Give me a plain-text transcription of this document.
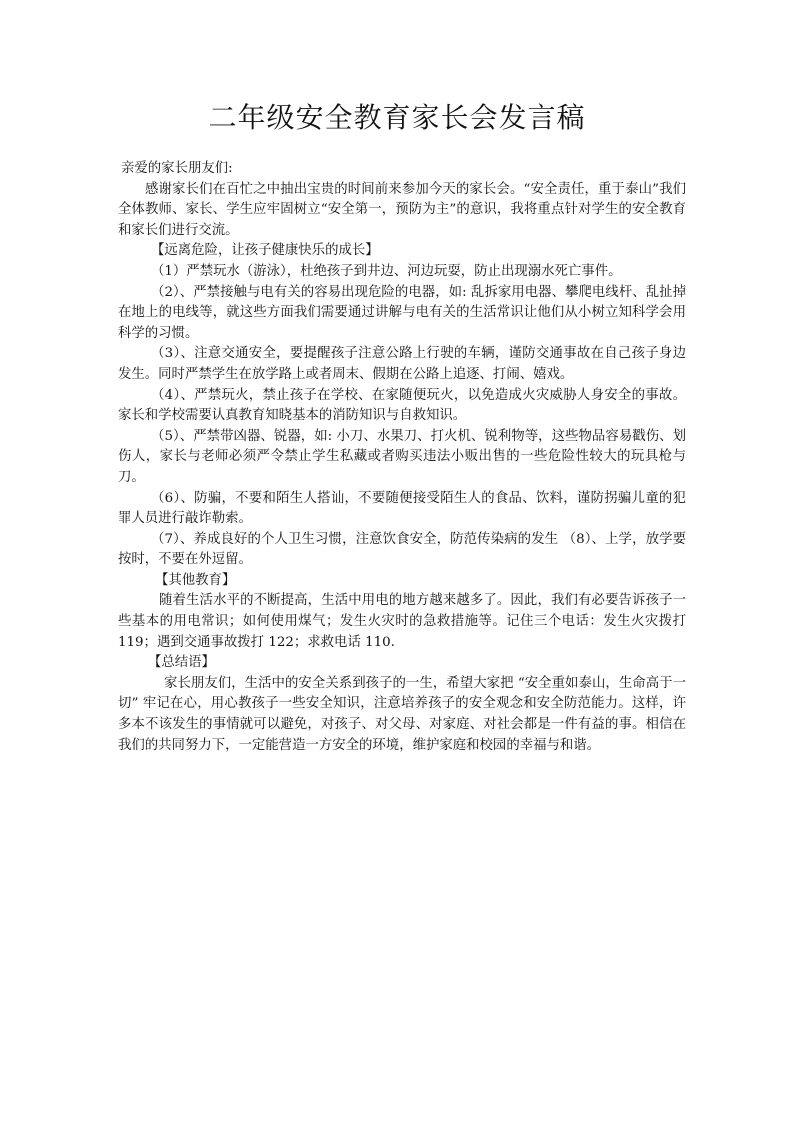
二年级安全教育家长会发言稿

亲爱的家长朋友们:

感谢家长们在百忙之中抽出宝贵的时间前来参加今天的家长会。“安全责任，重于泰山”我们全体教师、家长、学生应牢固树立“安全第一，预防为主”的意识，我将重点针对学生的安全教育和家长们进行交流。

【远离危险，让孩子健康快乐的成长】

（1）严禁玩水（游泳），杜绝孩子到井边、河边玩耍，防止出现溺水死亡事件。

（2）、严禁接触与电有关的容易出现危险的电器，如: 乱拆家用电器、攀爬电线杆、乱扯掉在地上的电线等，就这些方面我们需要通过讲解与电有关的生活常识让他们从小树立知科学会用科学的习惯。

（3）、注意交通安全，要提醒孩子注意公路上行驶的车辆，谨防交通事故在自己孩子身边发生。同时严禁学生在放学路上或者周末、假期在公路上追逐、打闹、嬉戏。

（4）、严禁玩火，禁止孩子在学校、在家随便玩火，以免造成火灾威胁人身安全的事故。家长和学校需要认真教育知晓基本的消防知识与自救知识。

（5）、严禁带凶器、锐器，如: 小刀、水果刀、打火机、锐利物等，这些物品容易戳伤、划伤人，家长与老师必须严令禁止学生私藏或者购买违法小贩出售的一些危险性较大的玩具枪与刀。

（6）、防骗，不要和陌生人搭讪，不要随便接受陌生人的食品、饮料，谨防拐骗儿童的犯罪人员进行敲诈勒索。

（7）、养成良好的个人卫生习惯，注意饮食安全，防范传染病的发生 （8）、上学，放学要按时，不要在外逗留。

【其他教育】

随着生活水平的不断提高，生活中用电的地方越来越多了。因此，我们有必要告诉孩子一些基本的用电常识；如何使用煤气；发生火灾时的急救措施等。记住三个电话：发生火灾拨打 119；遇到交通事故拨打 122；求救电话 110.

【总结语】

家长朋友们，生活中的安全关系到孩子的一生，希望大家把 “安全重如泰山，生命高于一切” 牢记在心，用心教孩子一些安全知识，注意培养孩子的安全观念和安全防范能力。这样，许多本不该发生的事情就可以避免，对孩子、对父母、对家庭、对社会都是一件有益的事。相信在我们的共同努力下，一定能营造一方安全的环境，维护家庭和校园的幸福与和谐。
